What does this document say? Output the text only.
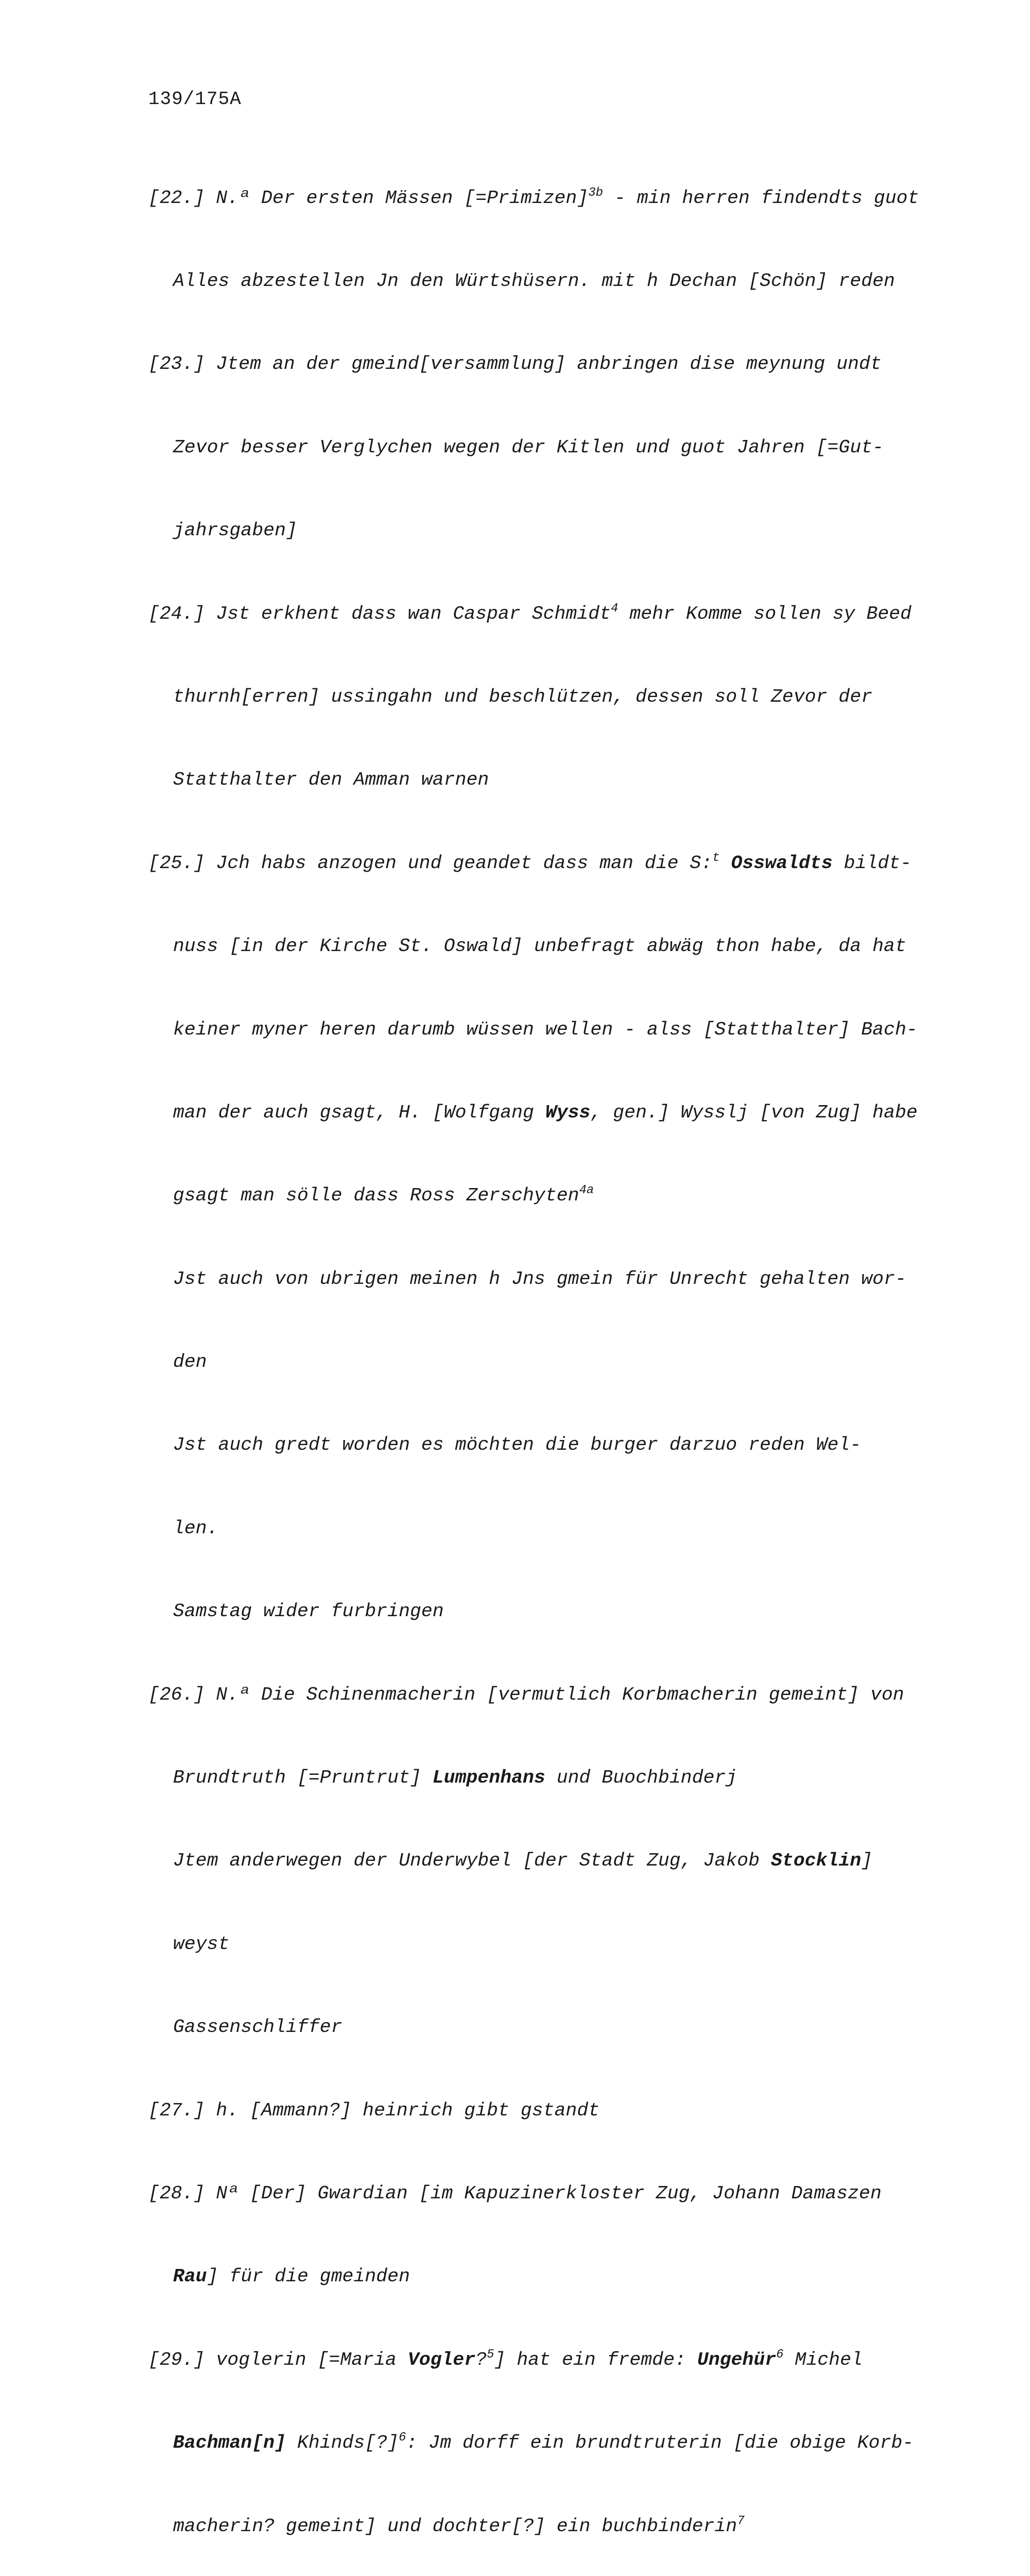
139/175A

[22.] N.ª Der ersten Mässen [=Primizen]$^{3b}$ - min herren findendts guot

Alles abzestellen Jn den Würtshüsern. mit h Dechan [Schön] reden

[23.] Jtem an der gmeind[versammlung] anbringen dise meynung undt

Zevor besser Verglychen wegen der Kitlen und guot Jahren [=Gut-

jahrsgaben]

[24.] Jst erkhent dass wan Caspar Schmidt$^4$ mehr Komme sollen sy Beed

thurnh[erren] ussingahn und beschlützen, dessen soll Zevor der

Statthalter den Amman warnen

[25.] Jch habs anzogen und geandet dass man die S:$^t$ Osswaldts bildt-

nuss [in der Kirche St. Oswald] unbefragt abwäg thon habe, da hat

keiner myner heren darumb wüssen wellen - alss [Statthalter] Bach-

man der auch gsagt, H. [Wolfgang Wyss, gen.] Wysslj [von Zug] habe

gsagt man sölle dass Ross Zerschyten$^{4a}$

Jst auch von ubrigen meinen h Jns gmein für Unrecht gehalten wor-

den

Jst auch gredt worden es möchten die burger darzuo reden Wel-

len.

Samstag wider furbringen

[26.] N.ª Die Schinenmacherin [vermutlich Korbmacherin gemeint] von

Brundtruth [=Pruntrut] Lumpenhans und Buochbinderj

Jtem anderwegen der Underwybel [der Stadt Zug, Jakob Stocklin]

weyst

Gassenschliffer

[27.] h. [Ammann?] heinrich gibt gstandt

[28.] Nª [Der] Gwardian [im Kapuzinerkloster Zug, Johann Damaszen

Rau] für die gmeinden

[29.] voglerin [=Maria Vogler?$^5$] hat ein fremde: Ungehür$^6$ Michel

Bachman[n] Khinds[?]$^6$: Jm dorff ein brundtruterin [die obige Korb-

macherin? gemeint] und dochter[?] ein buchbinderin$^7$
